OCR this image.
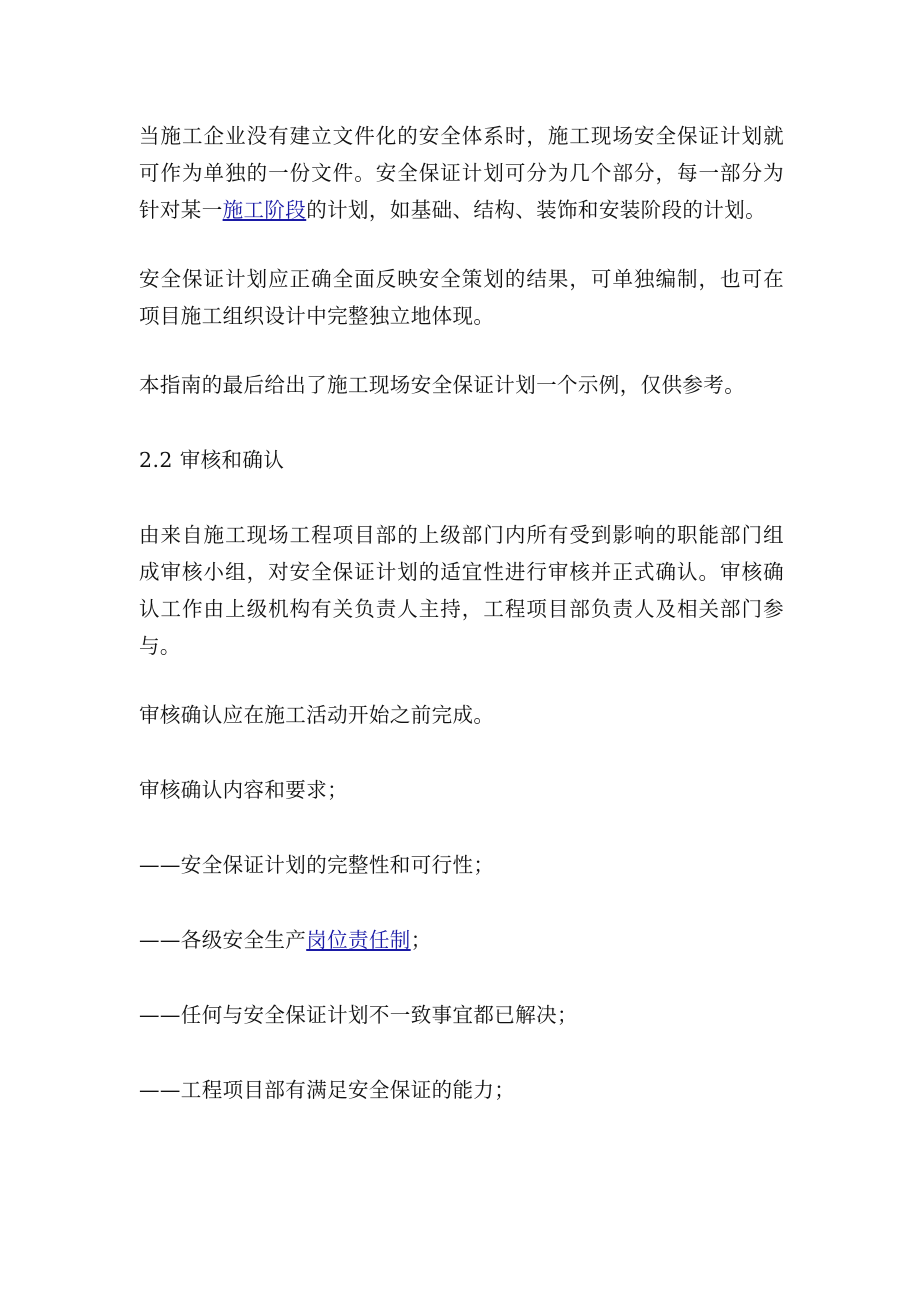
当施工企业没有建立文件化的安全体系时，施工现场安全保证计划就可作为单独的一份文件。安全保证计划可分为几个部分，每一部分为针对某一施工阶段的计划，如基础、结构、装饰和安装阶段的计划。

安全保证计划应正确全面反映安全策划的结果，可单独编制，也可在项目施工组织设计中完整独立地体现。

本指南的最后给出了施工现场安全保证计划一个示例，仅供参考。

2.2 审核和确认

由来自施工现场工程项目部的上级部门内所有受到影响的职能部门组成审核小组，对安全保证计划的适宜性进行审核并正式确认。审核确认工作由上级机构有关负责人主持，工程项目部负责人及相关部门参与。

审核确认应在施工活动开始之前完成。

审核确认内容和要求；

——安全保证计划的完整性和可行性；

——各级安全生产岗位责任制；

——任何与安全保证计划不一致事宜都已解决；

——工程项目部有满足安全保证的能力；
